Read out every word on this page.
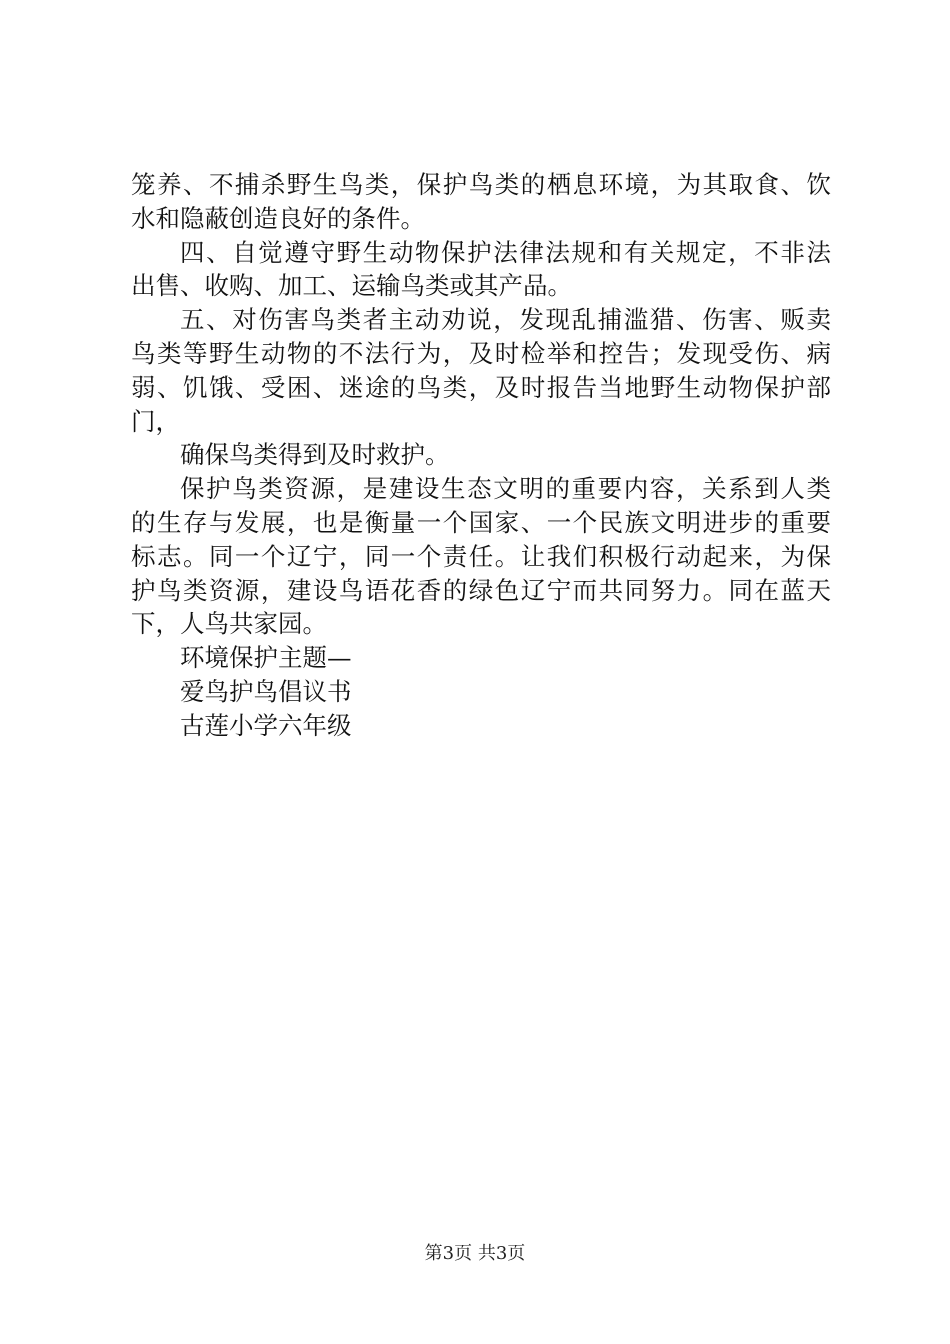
笼养、不捕杀野生鸟类，保护鸟类的栖息环境，为其取食、饮
水和隐蔽创造良好的条件。
四、自觉遵守野生动物保护法律法规和有关规定，不非法
出售、收购、加工、运输鸟类或其产品。
五、对伤害鸟类者主动劝说，发现乱捕滥猎、伤害、贩卖
鸟类等野生动物的不法行为，及时检举和控告；发现受伤、病
弱、饥饿、受困、迷途的鸟类，及时报告当地野生动物保护部
门，
确保鸟类得到及时救护。
保护鸟类资源，是建设生态文明的重要内容，关系到人类
的生存与发展，也是衡量一个国家、一个民族文明进步的重要
标志。同一个辽宁，同一个责任。让我们积极行动起来，为保
护鸟类资源，建设鸟语花香的绿色辽宁而共同努力。同在蓝天
下，人鸟共家园。
环境保护主题—
爱鸟护鸟倡议书
古莲小学六年级
第3页 共3页
